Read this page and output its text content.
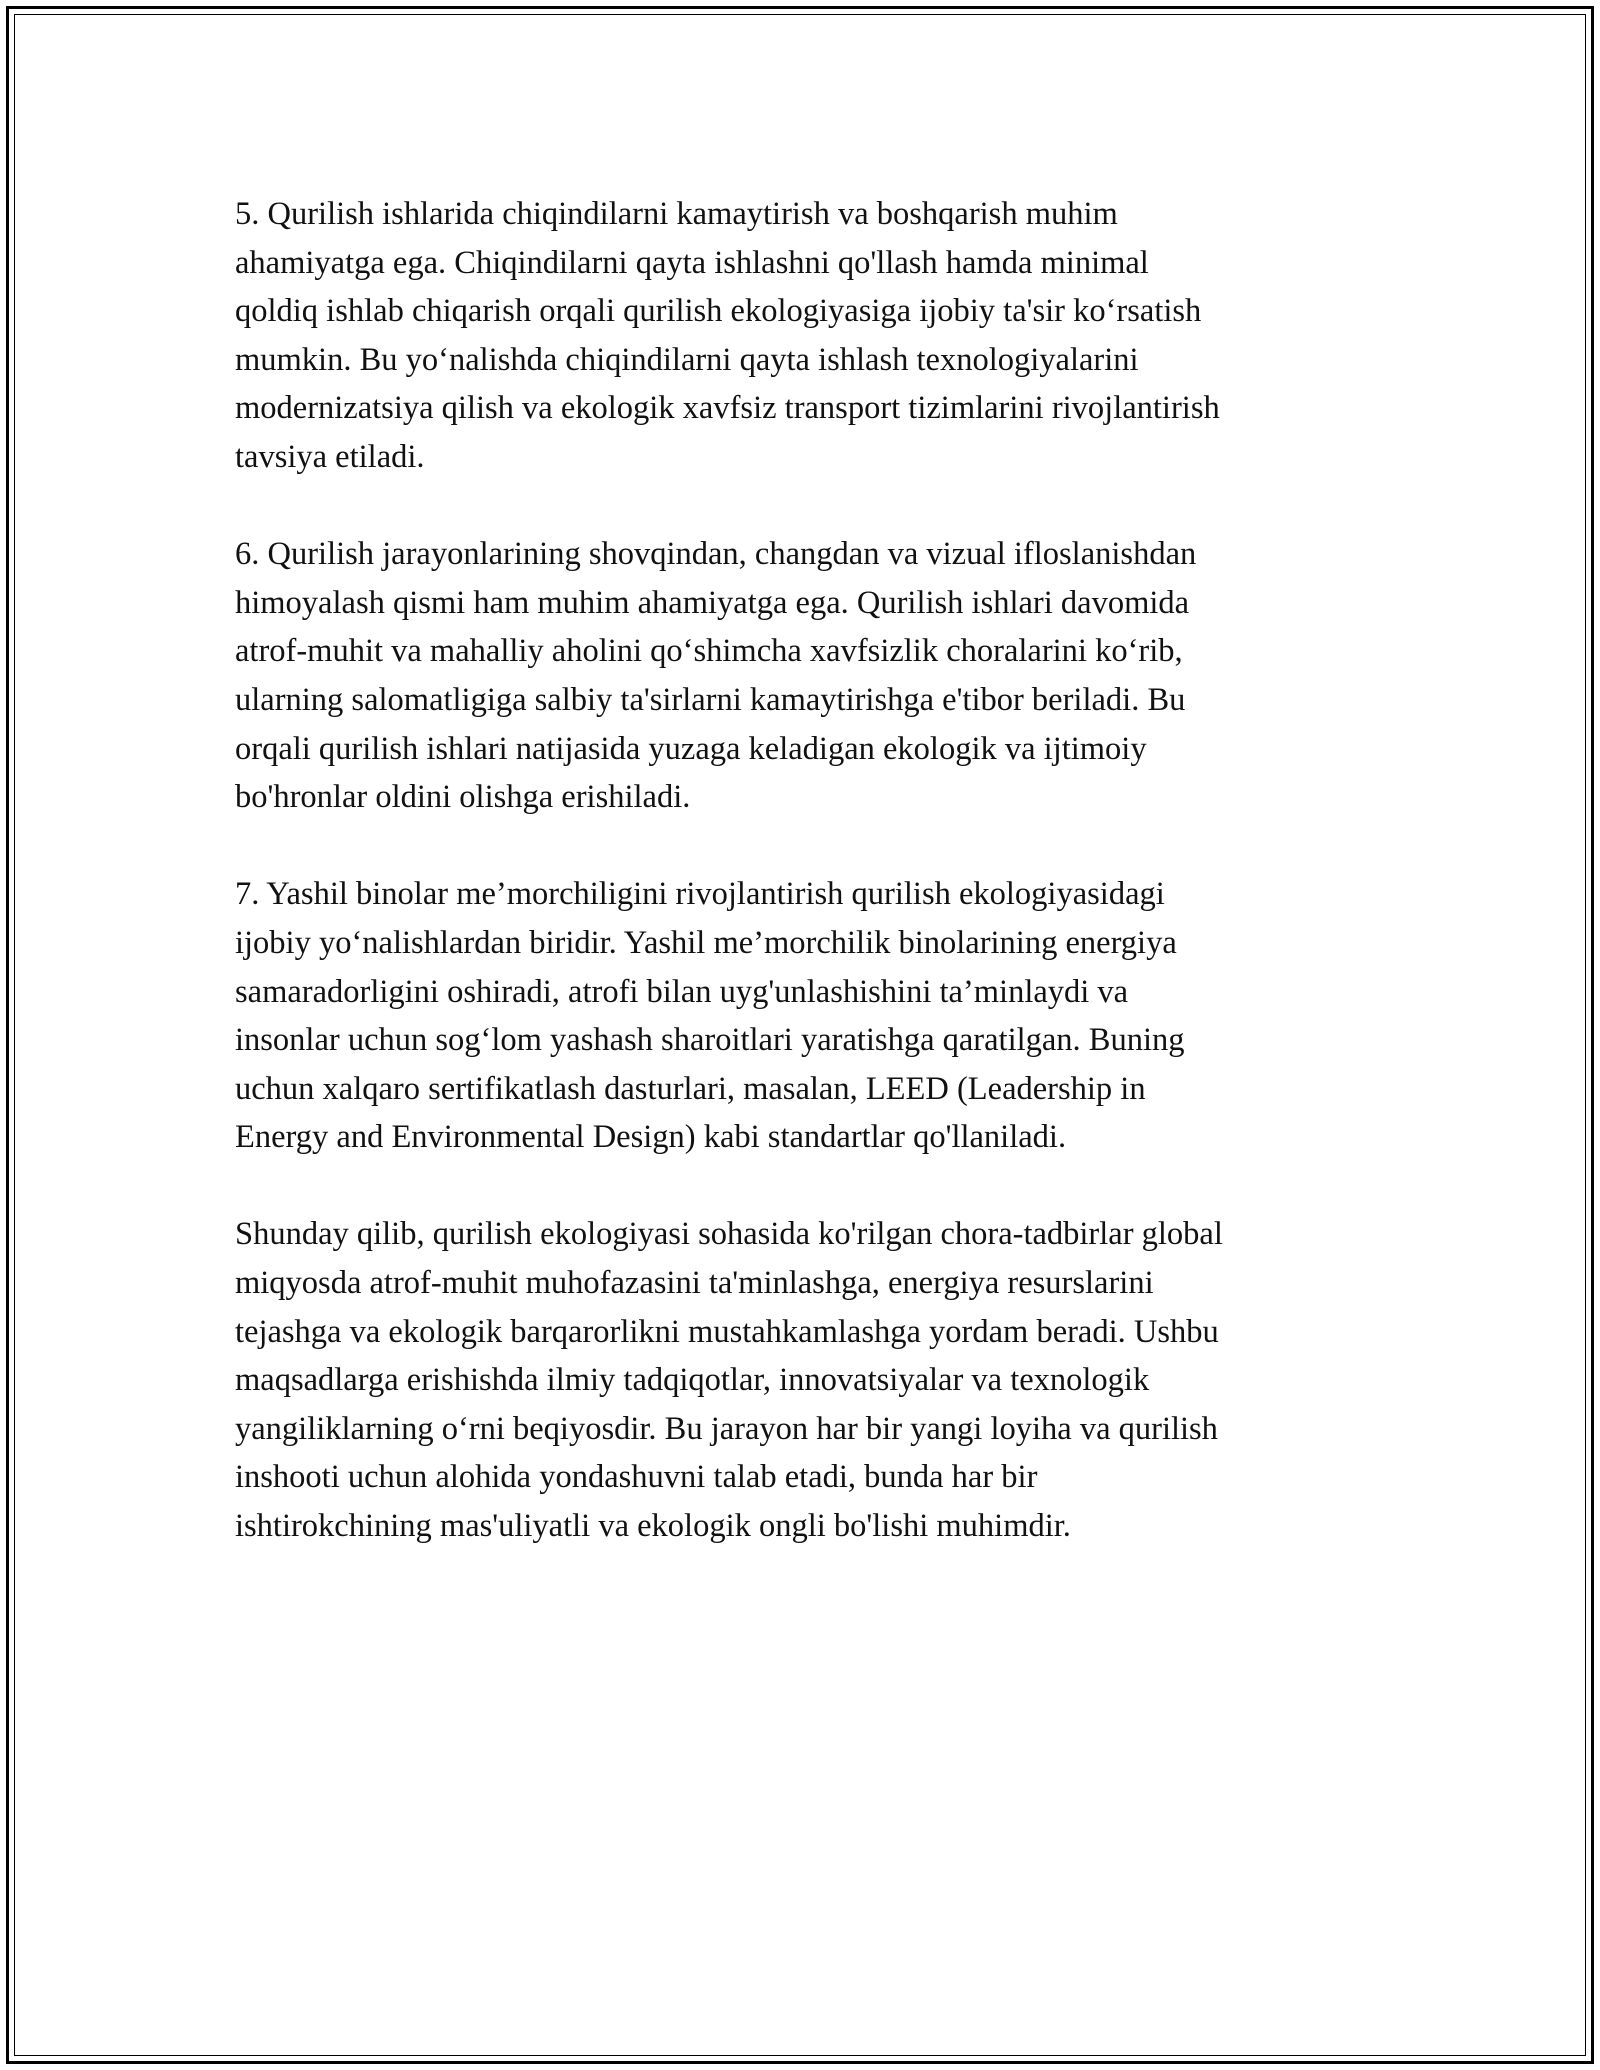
5. Qurilish ishlarida chiqindilarni kamaytirish va boshqarish muhim
ahamiyatga ega. Chiqindilarni qayta ishlashni qo'llash hamda minimal
qoldiq ishlab chiqarish orqali qurilish ekologiyasiga ijobiy ta'sir ko‘rsatish
mumkin. Bu yo‘nalishda chiqindilarni qayta ishlash texnologiyalarini
modernizatsiya qilish va ekologik xavfsiz transport tizimlarini rivojlantirish
tavsiya etiladi.

6. Qurilish jarayonlarining shovqindan, changdan va vizual ifloslanishdan
himoyalash qismi ham muhim ahamiyatga ega. Qurilish ishlari davomida
atrof-muhit va mahalliy aholini qo‘shimcha xavfsizlik choralarini ko‘rib,
ularning salomatligiga salbiy ta'sirlarni kamaytirishga e'tibor beriladi. Bu
orqali qurilish ishlari natijasida yuzaga keladigan ekologik va ijtimoiy
bo'hronlar oldini olishga erishiladi.

7. Yashil binolar me’morchiligini rivojlantirish qurilish ekologiyasidagi
ijobiy yo‘nalishlardan biridir. Yashil me’morchilik binolarining energiya
samaradorligini oshiradi, atrofi bilan uyg'unlashishini ta’minlaydi va
insonlar uchun sog‘lom yashash sharoitlari yaratishga qaratilgan. Buning
uchun xalqaro sertifikatlash dasturlari, masalan, LEED (Leadership in
Energy and Environmental Design) kabi standartlar qo'llaniladi.

Shunday qilib, qurilish ekologiyasi sohasida ko'rilgan chora-tadbirlar global
miqyosda atrof-muhit muhofazasini ta'minlashga, energiya resurslarini
tejashga va ekologik barqarorlikni mustahkamlashga yordam beradi. Ushbu
maqsadlarga erishishda ilmiy tadqiqotlar, innovatsiyalar va texnologik
yangiliklarning o‘rni beqiyosdir. Bu jarayon har bir yangi loyiha va qurilish
inshooti uchun alohida yondashuvni talab etadi, bunda har bir
ishtirokchining mas'uliyatli va ekologik ongli bo'lishi muhimdir.
